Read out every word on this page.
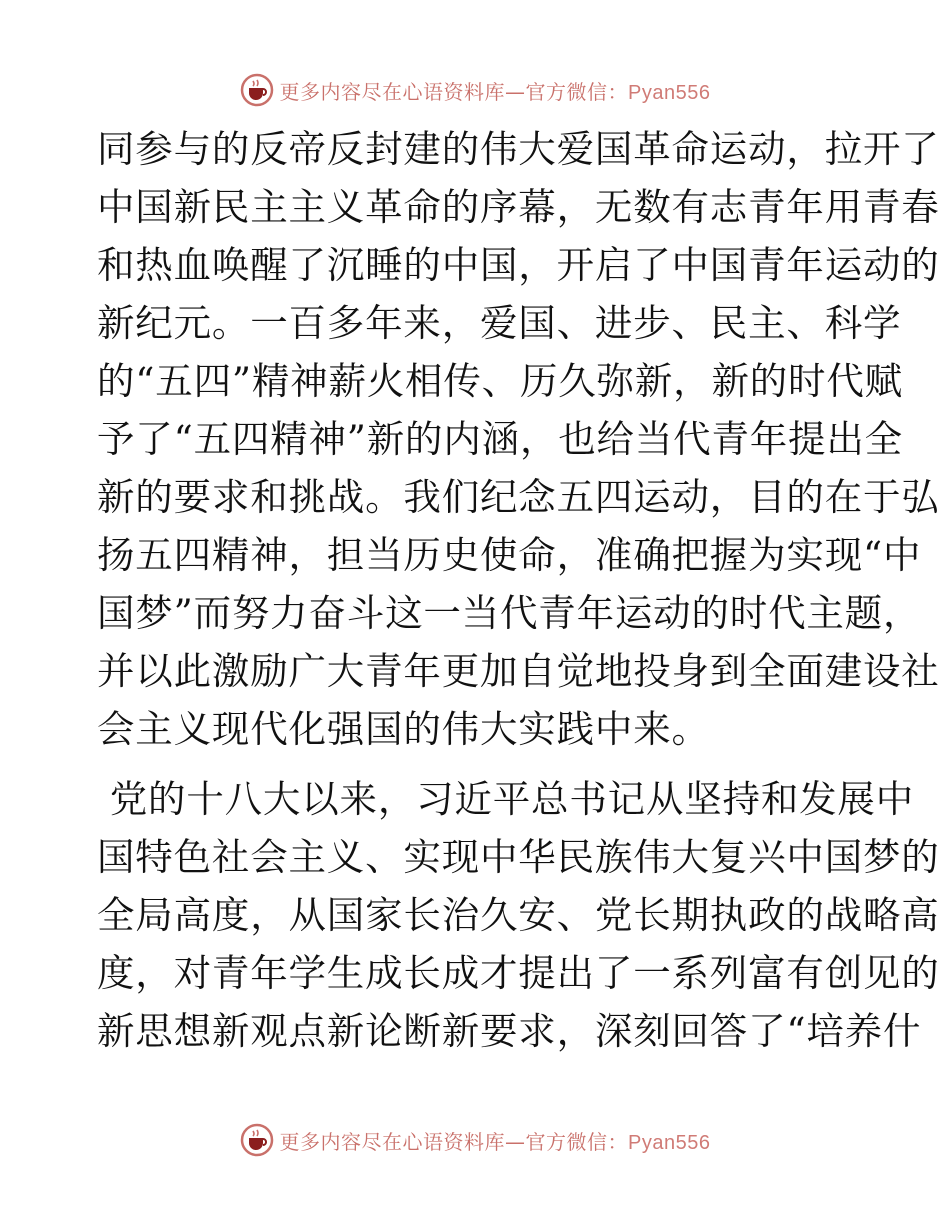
更多内容尽在心语资料库—官方微信：Pyan556
同参与的反帝反封建的伟大爱国革命运动，拉开了
中国新民主主义革命的序幕，无数有志青年用青春
和热血唤醒了沉睡的中国，开启了中国青年运动的
新纪元。一百多年来，爱国、进步、民主、科学
的“五四”精神薪火相传、历久弥新，新的时代赋
予了“五四精神”新的内涵，也给当代青年提出全
新的要求和挑战。我们纪念五四运动，目的在于弘
扬五四精神，担当历史使命，准确把握为实现“中
国梦”而努力奋斗这一当代青年运动的时代主题，
并以此激励广大青年更加自觉地投身到全面建设社
会主义现代化强国的伟大实践中来。
党的十八大以来，习近平总书记从坚持和发展中
国特色社会主义、实现中华民族伟大复兴中国梦的
全局高度，从国家长治久安、党长期执政的战略高
度，对青年学生成长成才提出了一系列富有创见的
新思想新观点新论断新要求，深刻回答了“培养什
更多内容尽在心语资料库—官方微信：Pyan556
